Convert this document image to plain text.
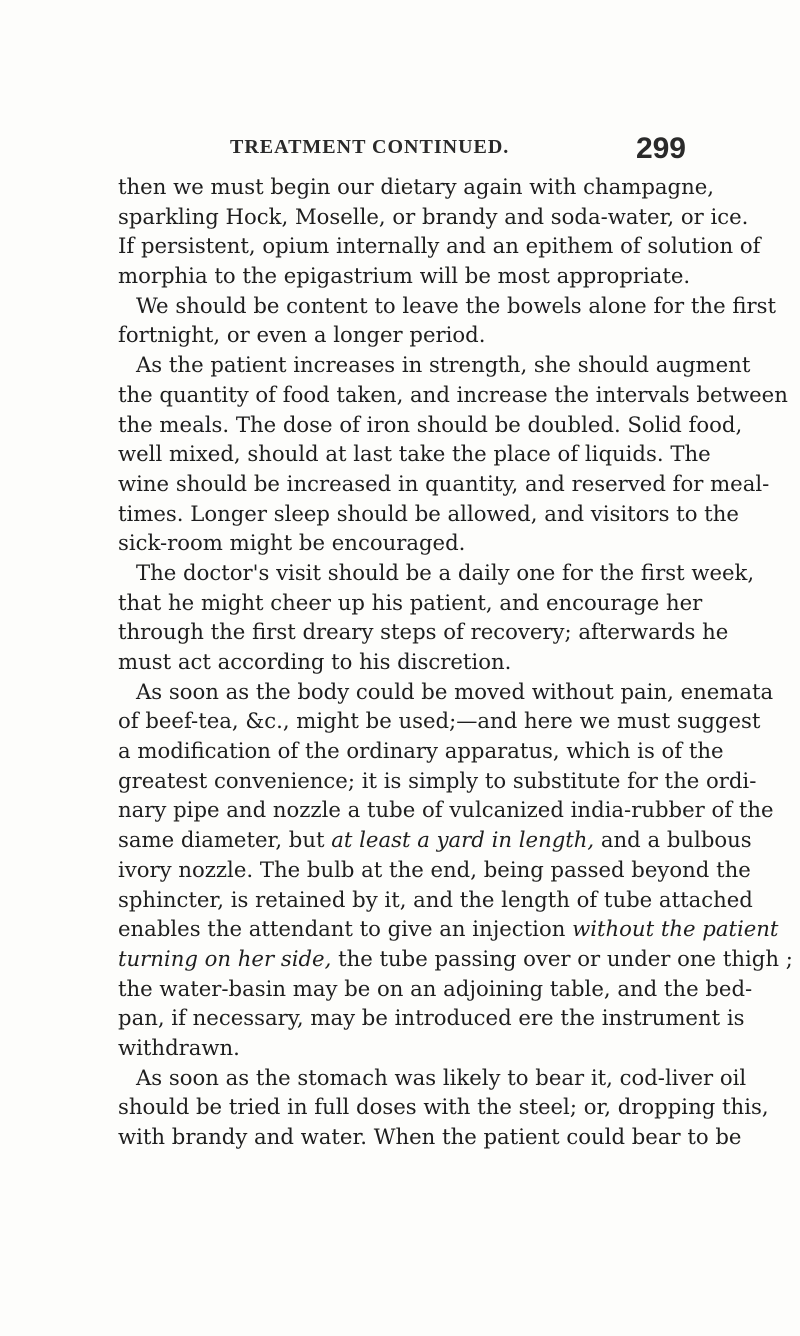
TREATMENT CONTINUED.	299
then we must begin our dietary again with champagne,
sparkling Hock, Moselle, or brandy and soda-water, or ice.
If persistent, opium internally and an epithem of solution of
morphia to the epigastrium will be most appropriate.
We should be content to leave the bowels alone for the first
fortnight, or even a longer period.
As the patient increases in strength, she should augment
the quantity of food taken, and increase the intervals between
the meals. The dose of iron should be doubled. Solid food,
well mixed, should at last take the place of liquids. The
wine should be increased in quantity, and reserved for meal-
times. Longer sleep should be allowed, and visitors to the
sick-room might be encouraged.
The doctor's visit should be a daily one for the first week,
that he might cheer up his patient, and encourage her
through the first dreary steps of recovery; afterwards he
must act according to his discretion.
As soon as the body could be moved without pain, enemata
of beef-tea, &c., might be used;—and here we must suggest
a modification of the ordinary apparatus, which is of the
greatest convenience; it is simply to substitute for the ordi-
nary pipe and nozzle a tube of vulcanized india-rubber of the
same diameter, but at least a yard in length, and a bulbous
ivory nozzle. The bulb at the end, being passed beyond the
sphincter, is retained by it, and the length of tube attached
enables the attendant to give an injection without the patient
turning on her side, the tube passing over or under one thigh ;
the water-basin may be on an adjoining table, and the bed-
pan, if necessary, may be introduced ere the instrument is
withdrawn.
As soon as the stomach was likely to bear it, cod-liver oil
should be tried in full doses with the steel; or, dropping this,
with brandy and water. When the patient could bear to be
